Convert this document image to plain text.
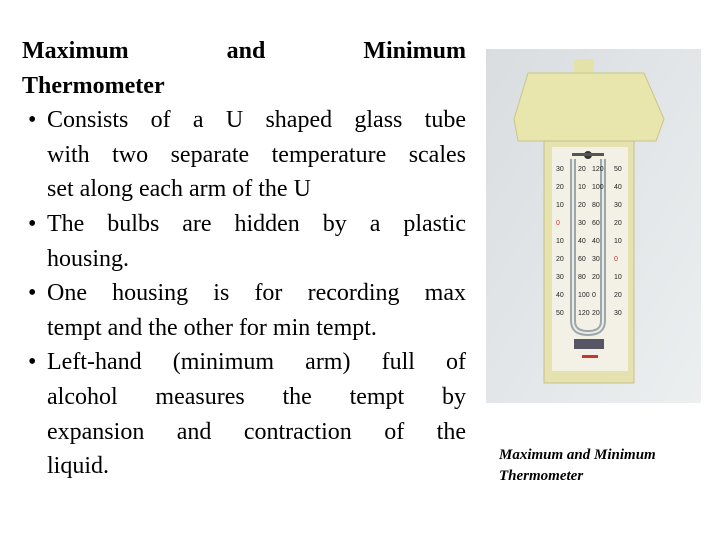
Maximum and Minimum
Thermometer
• Consists of a U shaped glass tube
with two separate temperature scales
set along each arm of the U
• The bulbs are hidden by a plastic
housing.
• One housing is for recording max
tempt and the other for min tempt.
• Left-hand (minimum arm) full of
alcohol measures the tempt by
expansion and contraction of the
liquid.
30
20
10
0
10
20
30
40
50
20
10
20
30
40
60
80
100
120
120
100
80
60
40
30
20
0
20
50
40
30
20
10
0
10
20
30
Maximum and Minimum
Thermometer
